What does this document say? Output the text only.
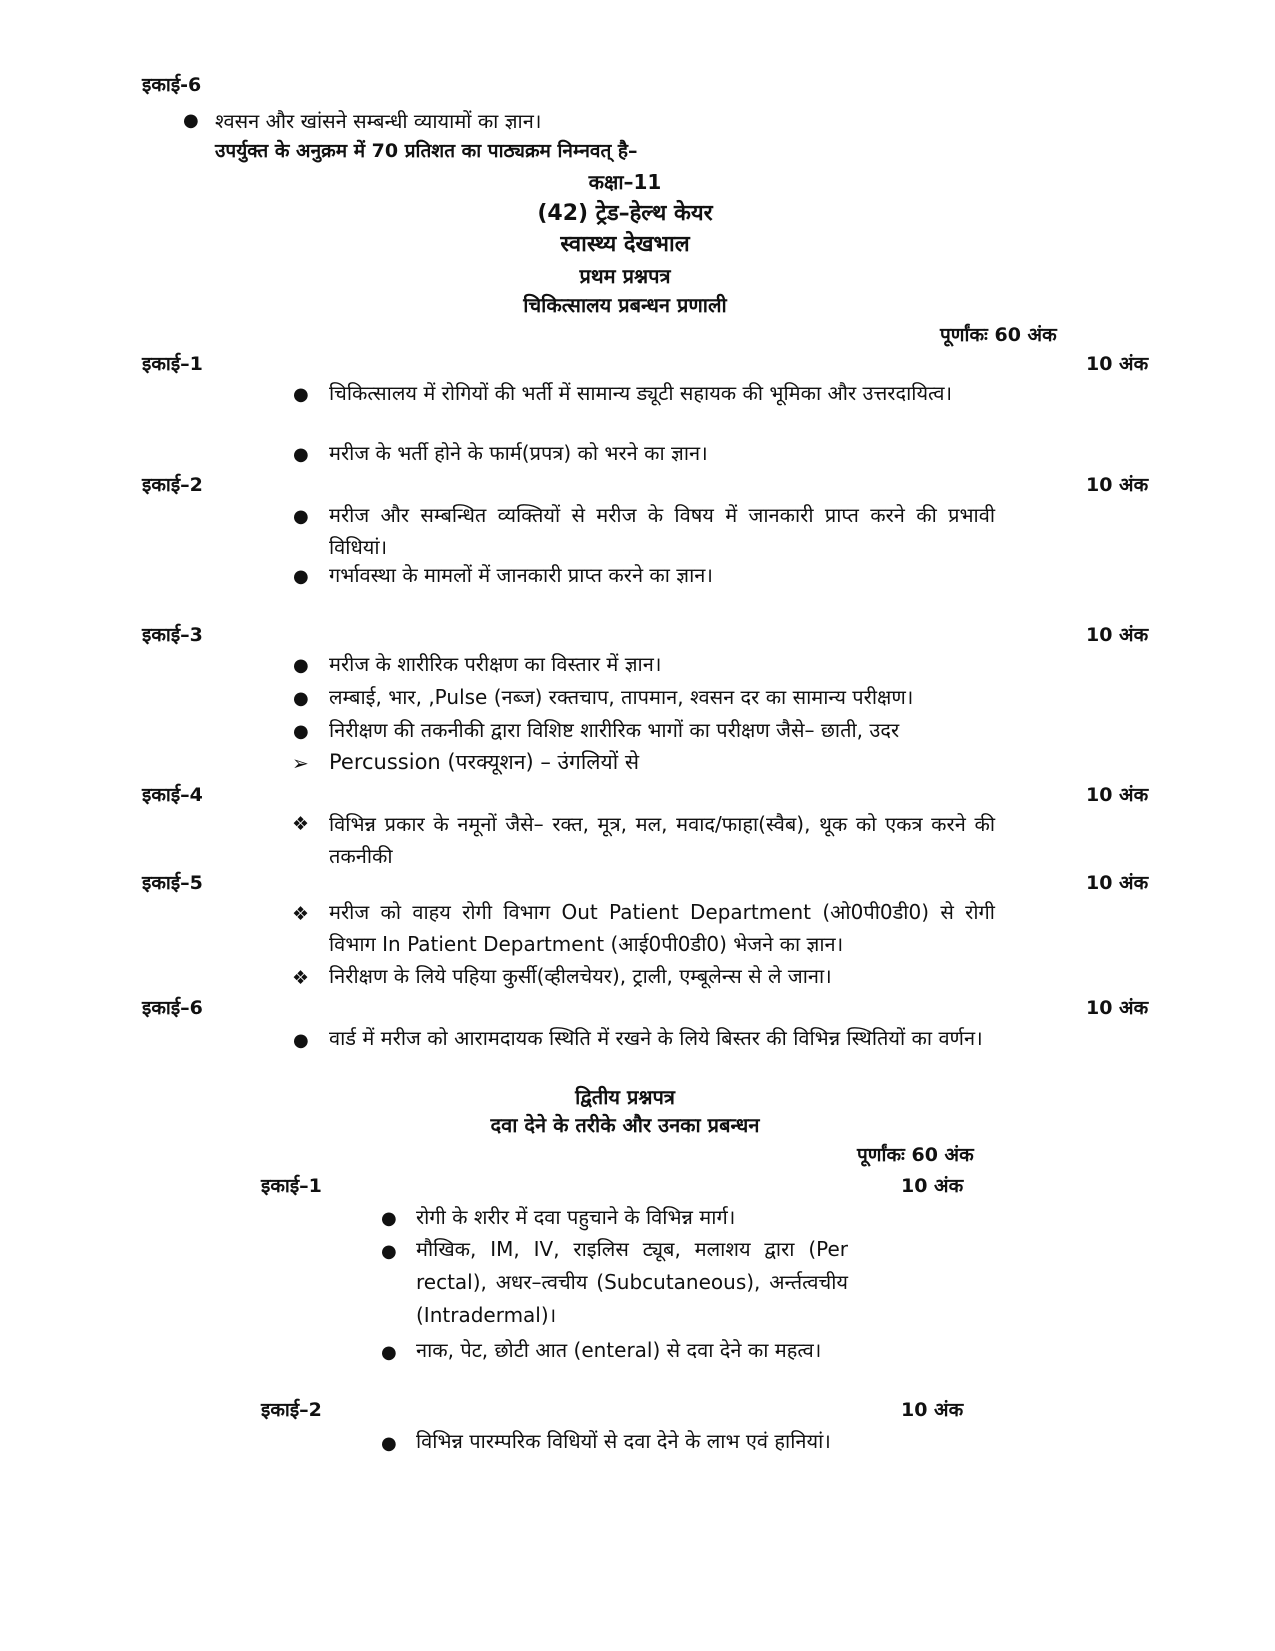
इकाई-6
● श्वसन और खांसने सम्बन्धी व्यायामों का ज्ञान।
उपर्युक्त के अनुक्रम में 70 प्रतिशत का पाठ्यक्रम निम्नवत् है–
कक्षा–11
(42) ट्रेड–हेल्थ केयर
स्वास्थ्य देखभाल
प्रथम प्रश्नपत्र
चिकित्सालय प्रबन्धन प्रणाली
पूर्णांकः 60 अंक
इकाई–1	10 अंक
● चिकित्सालय में रोगियों की भर्ती में सामान्य ड्यूटी सहायक की भूमिका और उत्तरदायित्व।
● मरीज के भर्ती होने के फार्म(प्रपत्र) को भरने का ज्ञान।
इकाई–2	10 अंक
● मरीज और सम्बन्धित व्यक्तियों से मरीज के विषय में जानकारी प्राप्त करने की प्रभावी विधियां।
● गर्भावस्था के मामलों में जानकारी प्राप्त करने का ज्ञान।
इकाई–3	10 अंक
● मरीज के शारीरिक परीक्षण का विस्तार में ज्ञान।
● लम्बाई, भार, ,Pulse (नब्ज) रक्तचाप, तापमान, श्वसन दर का सामान्य परीक्षण।
● निरीक्षण की तकनीकी द्वारा विशिष्ट शारीरिक भागों का परीक्षण जैसे– छाती, उदर
➢ Percussion (परक्यूशन) – उंगलियों से
इकाई–4	10 अंक
❖ विभिन्न प्रकार के नमूनों जैसे– रक्त, मूत्र, मल, मवाद/फाहा(स्वैब), थूक को एकत्र करने की तकनीकी
इकाई–5	10 अंक
❖ मरीज को वाहय रोगी विभाग Out Patient Department (ओ0पी0डी0) से रोगी विभाग In Patient Department (आई0पी0डी0) भेजने का ज्ञान।
❖ निरीक्षण के लिये पहिया कुर्सी(व्हीलचेयर), ट्राली, एम्बूलेन्स से ले जाना।
इकाई–6	10 अंक
● वार्ड में मरीज को आरामदायक स्थिति में रखने के लिये बिस्तर की विभिन्न स्थितियों का वर्णन।
द्वितीय प्रश्नपत्र
दवा देने के तरीके और उनका प्रबन्धन
पूर्णांकः 60 अंक
इकाई–1	10 अंक
● रोगी के शरीर में दवा पहुचाने के विभिन्न मार्ग।
● मौखिक, IM, IV, राइलिस ट्यूब, मलाशय द्वारा (Per rectal), अधर–त्वचीय (Subcutaneous), अर्न्तत्वचीय (Intradermal)।
● नाक, पेट, छोटी आत (enteral) से दवा देने का महत्व।
इकाई–2	10 अंक
● विभिन्न पारम्परिक विधियों से दवा देने के लाभ एवं हानियां।
